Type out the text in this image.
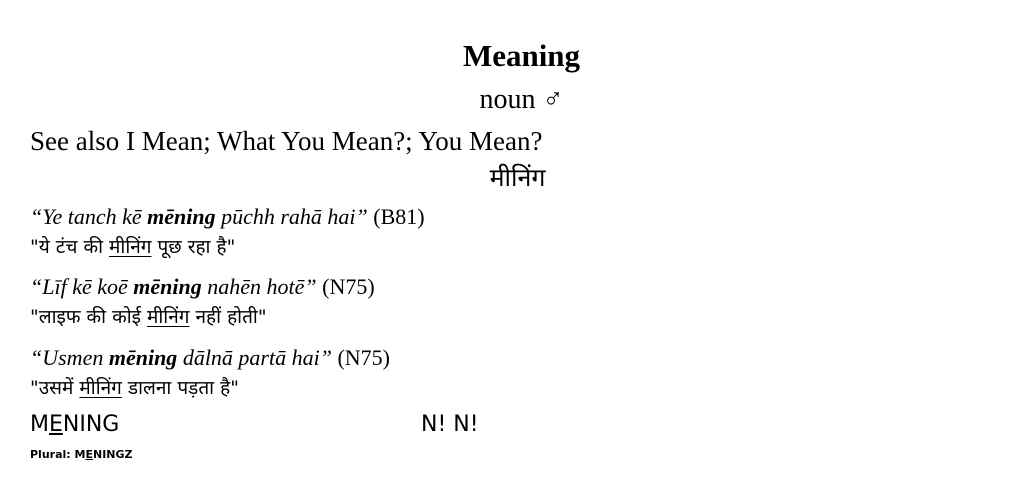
Meaning
noun ♂
See also I Mean; What You Mean?; You Mean?
मीनिंग
“Ye tanch kē mēning pūchh rahā hai” (B81)
"ये टंच की मीनिंग पूछ रहा है"
“Līf kē koē mēning nahēn hotē” (N75)
"लाइफ की कोई मीनिंग नहीं होती"
“Usmen mēning dālnā partā hai” (N75)
"उसमें मीनिंग डालना पड़ता है"
MENING	N! N!
Plural: MENINGZ
